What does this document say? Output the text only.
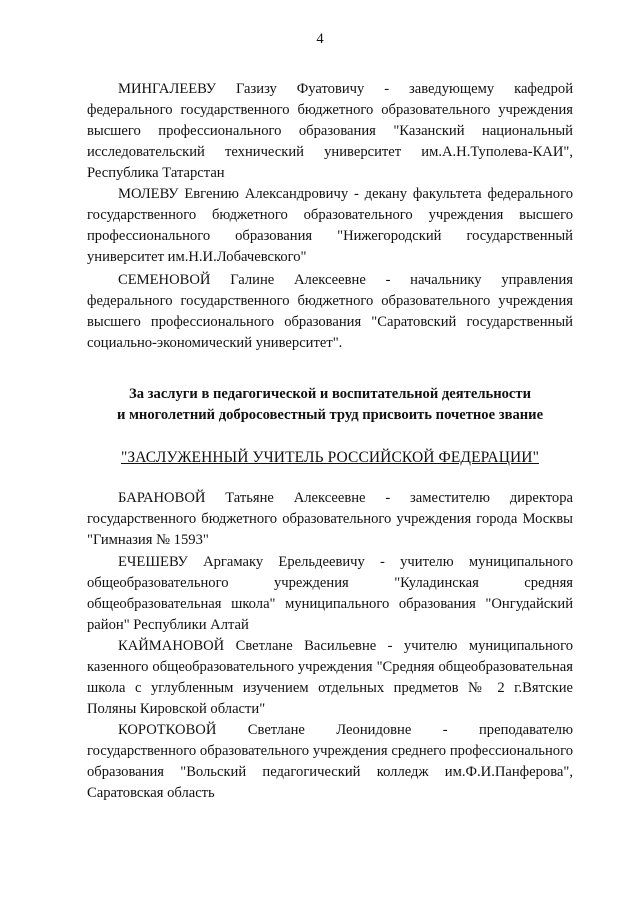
4
МИНГАЛЕЕВУ Газизу Фуатовичу - заведующему кафедрой федерального государственного бюджетного образовательного учреждения высшего профессионального образования "Казанский национальный исследовательский технический университет им.А.Н.Туполева-КАИ", Республика Татарстан
МОЛЕВУ Евгению Александровичу - декану факультета федерального государственного бюджетного образовательного учреждения высшего профессионального образования "Нижегородский государственный университет им.Н.И.Лобачевского"
СЕМЕНОВОЙ Галине Алексеевне - начальнику управления федерального государственного бюджетного образовательного учреждения высшего профессионального образования "Саратовский государственный социально-экономический университет".
За заслуги в педагогической и воспитательной деятельности
и многолетний добросовестный труд присвоить почетное звание
"ЗАСЛУЖЕННЫЙ УЧИТЕЛЬ РОССИЙСКОЙ ФЕДЕРАЦИИ"
БАРАНОВОЙ Татьяне Алексеевне - заместителю директора государственного бюджетного образовательного учреждения города Москвы "Гимназия № 1593"
ЕЧЕШЕВУ Аргамаку Ерельдеевичу - учителю муниципального общеобразовательного учреждения "Куладинская средняя общеобразовательная школа" муниципального образования "Онгудайский район" Республики Алтай
КАЙМАНОВОЙ Светлане Васильевне - учителю муниципального казенного общеобразовательного учреждения "Средняя общеобразовательная школа с углубленным изучением отдельных предметов № 2 г.Вятские Поляны Кировской области"
КОРОТКОВОЙ Светлане Леонидовне - преподавателю государственного образовательного учреждения среднего профессионального образования "Вольский педагогический колледж им.Ф.И.Панферова", Саратовская область
